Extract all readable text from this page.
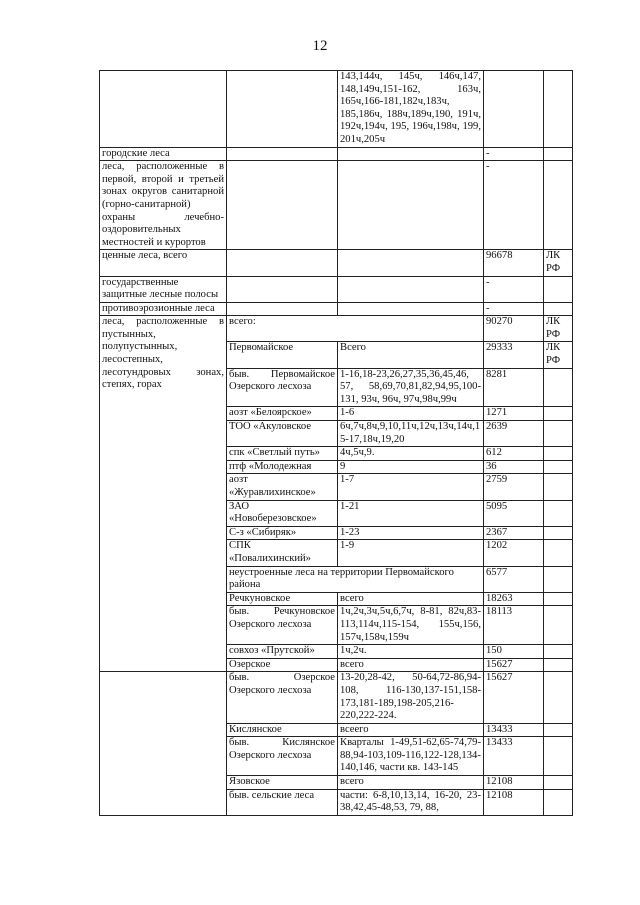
12
		143,144ч, 145ч, 146ч,147, 148,149ч,151-162, 163ч, 165ч,166-181,182ч,183ч, 185,186ч, 188ч,189ч,190, 191ч, 192ч,194ч, 195, 196ч,198ч, 199, 201ч,205ч		
городские леса			-	
леса, расположенные в первой, второй и третьей зонах округов санитарной (горно-санитарной) охраны лечебно-оздоровительных местностей и курортов			-	
ценные леса, всего			96678	ЛК РФ
государственные защитные лесные полосы			-	
противоэрозионные леса			-	
леса, расположенные в пустынных, полупустынных, лесостепных, лесотундровых зонах, степях, горах	всего:		90270	ЛК РФ
	Первомайское	Всего	29333	ЛК РФ
	быв. Первомайское Озерского лесхоза	1-16,18-23,26,27,35,36,45,46, 57, 58,69,70,81,82,94,95,100-131, 93ч, 96ч, 97ч,98ч,99ч	8281	
	аозт «Белоярское»	1-6	1271	
	ТОО «Акуловское	6ч,7ч,8ч,9,10,11ч,12ч,13ч,14ч,15-17,18ч,19,20	2639	
	спк «Светлый путь»	4ч,5ч,9.	612	
	птф «Молодежная	9	36	
	аозт «Журавлихинское»	1-7	2759	
	ЗАО «Новоберезовское»	1-21	5095	
	С-з «Сибиряк»	1-23	2367	
	СПК «Повалихинский»	1-9	1202	
	неустроенные леса на территории Первомайского района		6577	
	Речкуновское	всего	18263	
	быв. Речкуновское Озерского лесхоза	1ч,2ч,3ч,5ч,6,7ч, 8-81, 82ч,83-113,114ч,115-154, 155ч,156, 157ч,158ч,159ч	18113	
	совхоз «Прутской»	1ч,2ч.	150	
	Озерское	всего	15627	
	быв. Озерское Озерского лесхоза	13-20,28-42, 50-64,72-86,94-108, 116-130,137-151,158-173,181-189,198-205,216-220,222-224.	15627	
	Кислянское	всеего	13433	
	быв. Кислянское Озерского лесхоза	Кварталы 1-49,51-62,65-74,79-88,94-103,109-116,122-128,134-140,146, части кв. 143-145	13433	
	Язовское	всего	12108	
	быв. сельские леса	части: 6-8,10,13,14, 16-20, 23-38,42,45-48,53, 79, 88,	12108	
